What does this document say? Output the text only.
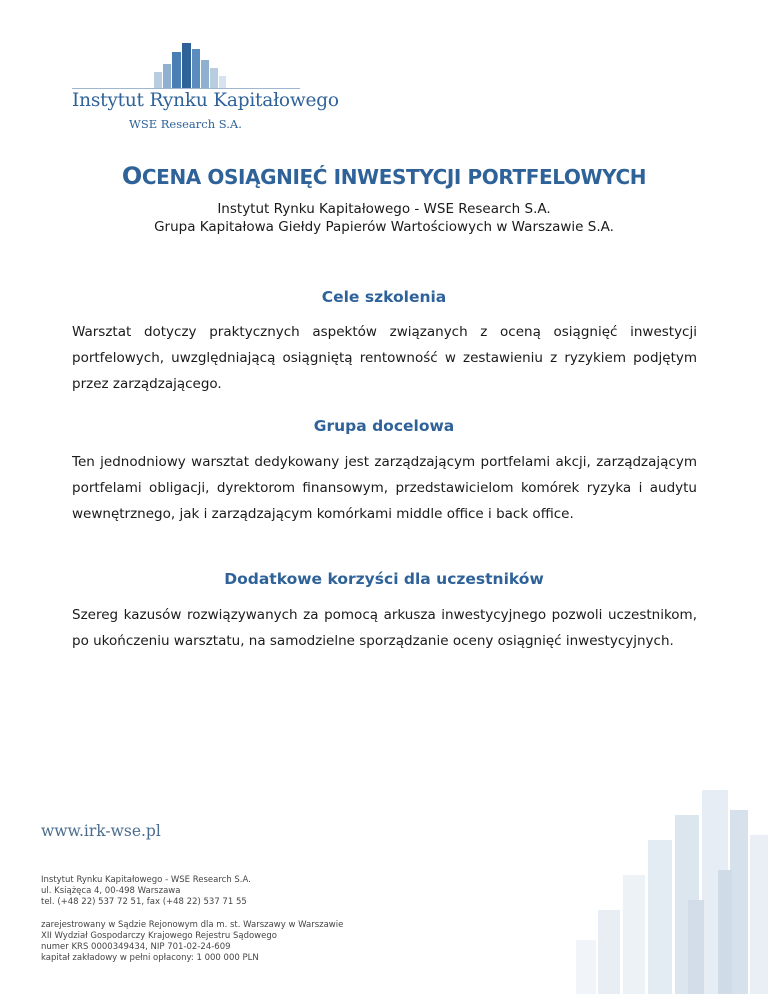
Instytut Rynku Kapitałowego
WSE Research S.A.
OCENA OSIĄGNIĘĆ INWESTYCJI PORTFELOWYCH
Instytut Rynku Kapitałowego - WSE Research S.A.
Grupa Kapitałowa Giełdy Papierów Wartościowych w Warszawie S.A.
Cele szkolenia
Warsztat dotyczy praktycznych aspektów związanych z oceną osiągnięć inwestycji portfelowych, uwzględniającą osiągniętą rentowność w zestawieniu z ryzykiem podjętym przez zarządzającego.
Grupa docelowa
Ten jednodniowy warsztat dedykowany jest zarządzającym portfelami akcji, zarządzającym portfelami obligacji, dyrektorom finansowym, przedstawicielom komórek ryzyka i audytu wewnętrznego, jak i zarządzającym komórkami middle office i back office.
Dodatkowe korzyści dla uczestników
Szereg kazusów rozwiązywanych za pomocą arkusza inwestycyjnego pozwoli uczestnikom, po ukończeniu warsztatu, na samodzielne sporządzanie oceny osiągnięć inwestycyjnych.
www.irk-wse.pl
Instytut Rynku Kapitałowego - WSE Research S.A.
ul. Książęca 4, 00-498 Warszawa
tel. (+48 22) 537 72 51, fax (+48 22) 537 71 55
zarejestrowany w Sądzie Rejonowym dla m. st. Warszawy w Warszawie
XII Wydział Gospodarczy Krajowego Rejestru Sądowego
numer KRS 0000349434, NIP 701-02-24-609
kapitał zakładowy w pełni opłacony: 1 000 000 PLN
